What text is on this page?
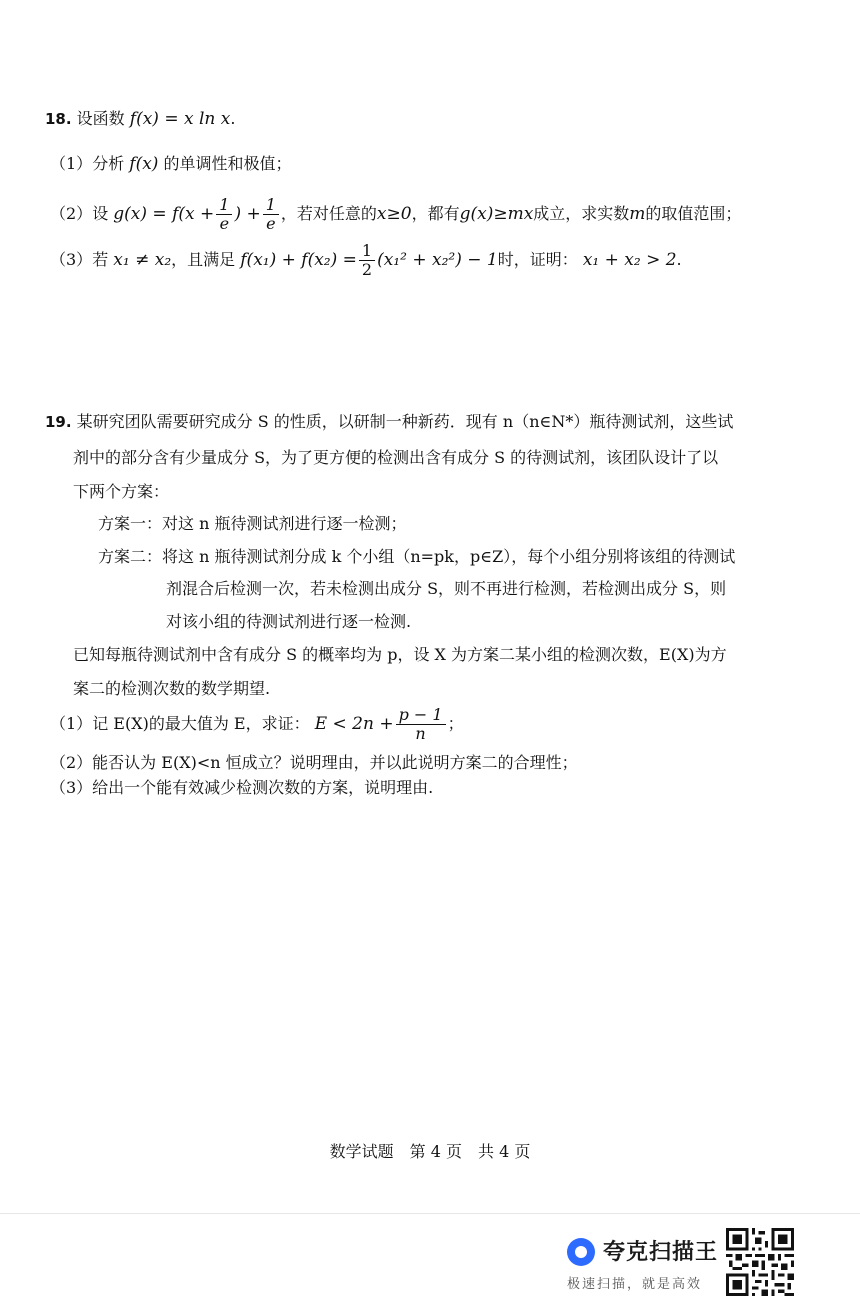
18. 设函数 f(x) = x ln x.
（1）分析 f(x) 的单调性和极值；
（2）设 $g(x) = f(x + \frac{1}{e}$ ) + $\frac{1}{e}$ ，若对任意的x≥0，都有g(x)≥mx成立，求实数m的取值范围；
（3）若 x₁ ≠ x₂，且满足 $f(x_1) + f(x_2) = \frac{1}{2} (x_1^2 + x_2^2) - 1$时，证明： x₁ + x₂ > 2.
19. 某研究团队需要研究成分 S 的性质，以研制一种新药．现有 n（n∈N*）瓶待测试剂，这些试
剂中的部分含有少量成分 S，为了更方便的检测出含有成分 S 的待测试剂，该团队设计了以
下两个方案：
方案一：对这 n 瓶待测试剂进行逐一检测；
方案二：将这 n 瓶待测试剂分成 k 个小组（n=pk，p∈Z），每个小组分别将该组的待测试
剂混合后检测一次，若未检测出成分 S，则不再进行检测，若检测出成分 S，则
对该小组的待测试剂进行逐一检测.
已知每瓶待测试剂中含有成分 S 的概率均为 p，设 X 为方案二某小组的检测次数，E(X)为方
案二的检测次数的数学期望.
（1）记 E(X)的最大值为 E，求证： $E < 2n + \frac{p - 1}{n}$ ；
（2）能否认为 E(X)<n 恒成立？说明理由，并以此说明方案二的合理性；
（3）给出一个能有效减少检测次数的方案，说明理由.
数学试题　第 4 页　共 4 页
夸克扫描王
极速扫描，就是高效
